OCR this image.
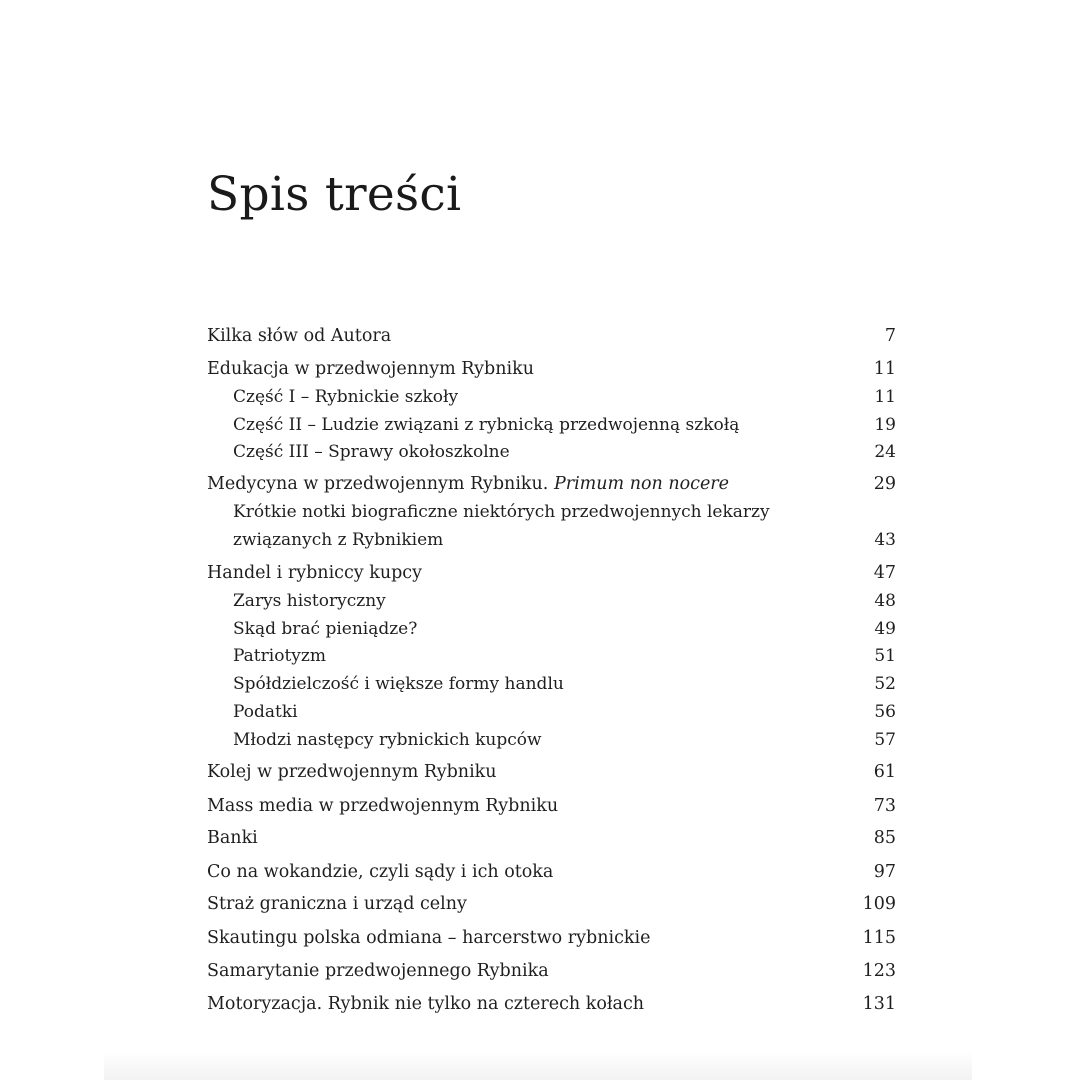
Spis treści
Kilka słów od Autora	7
Edukacja w przedwojennym Rybniku	11
Część I – Rybnickie szkoły	11
Część II – Ludzie związani z rybnicką przedwojenną szkołą	19
Część III – Sprawy okołoszkolne	24
Medycyna w przedwojennym Rybniku. Primum non nocere	29
Krótkie notki biograficzne niektórych przedwojennych lekarzy
związanych z Rybnikiem	43
Handel i rybniccy kupcy	47
Zarys historyczny	48
Skąd brać pieniądze?	49
Patriotyzm	51
Spółdzielczość i większe formy handlu	52
Podatki	56
Młodzi następcy rybnickich kupców	57
Kolej w przedwojennym Rybniku	61
Mass media w przedwojennym Rybniku	73
Banki	85
Co na wokandzie, czyli sądy i ich otoka	97
Straż graniczna i urząd celny	109
Skautingu polska odmiana – harcerstwo rybnickie	115
Samarytanie przedwojennego Rybnika	123
Motoryzacja. Rybnik nie tylko na czterech kołach	131
